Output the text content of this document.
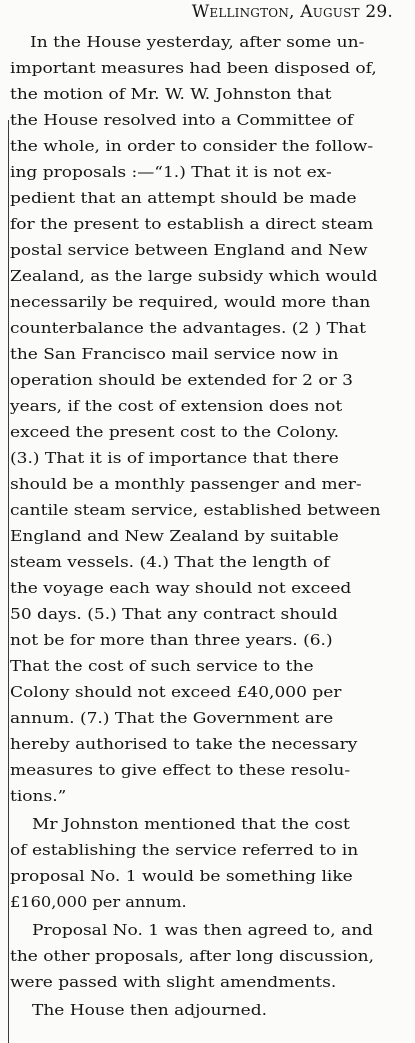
Wellington, August 29.
In the House yesterday, after some un-
important measures had been disposed of,
the motion of Mr. W. W. Johnston that
the House resolved into a Committee of
the whole, in order to consider the follow-
ing proposals :—“1.) That it is not ex-
pedient that an attempt should be made
for the present to establish a direct steam
postal service between England and New
Zealand, as the large subsidy which would
necessarily be required, would more than
counterbalance the advantages. (2 ) That
the San Francisco mail service now in
operation should be extended for 2 or 3
years, if the cost of extension does not
exceed the present cost to the Colony.
(3.) That it is of importance that there
should be a monthly passenger and mer-
cantile steam service, established between
England and New Zealand by suitable
steam vessels. (4.) That the length of
the voyage each way should not exceed
50 days. (5.) That any contract should
not be for more than three years. (6.)
That the cost of such service to the
Colony should not exceed £40,000 per
annum. (7.) That the Government are
hereby authorised to take the necessary
measures to give effect to these resolu-
tions.”
Mr Johnston mentioned that the cost
of establishing the service referred to in
proposal No. 1 would be something like
£160,000 per annum.
Proposal No. 1 was then agreed to, and
the other proposals, after long discussion,
were passed with slight amendments.
The House then adjourned.
